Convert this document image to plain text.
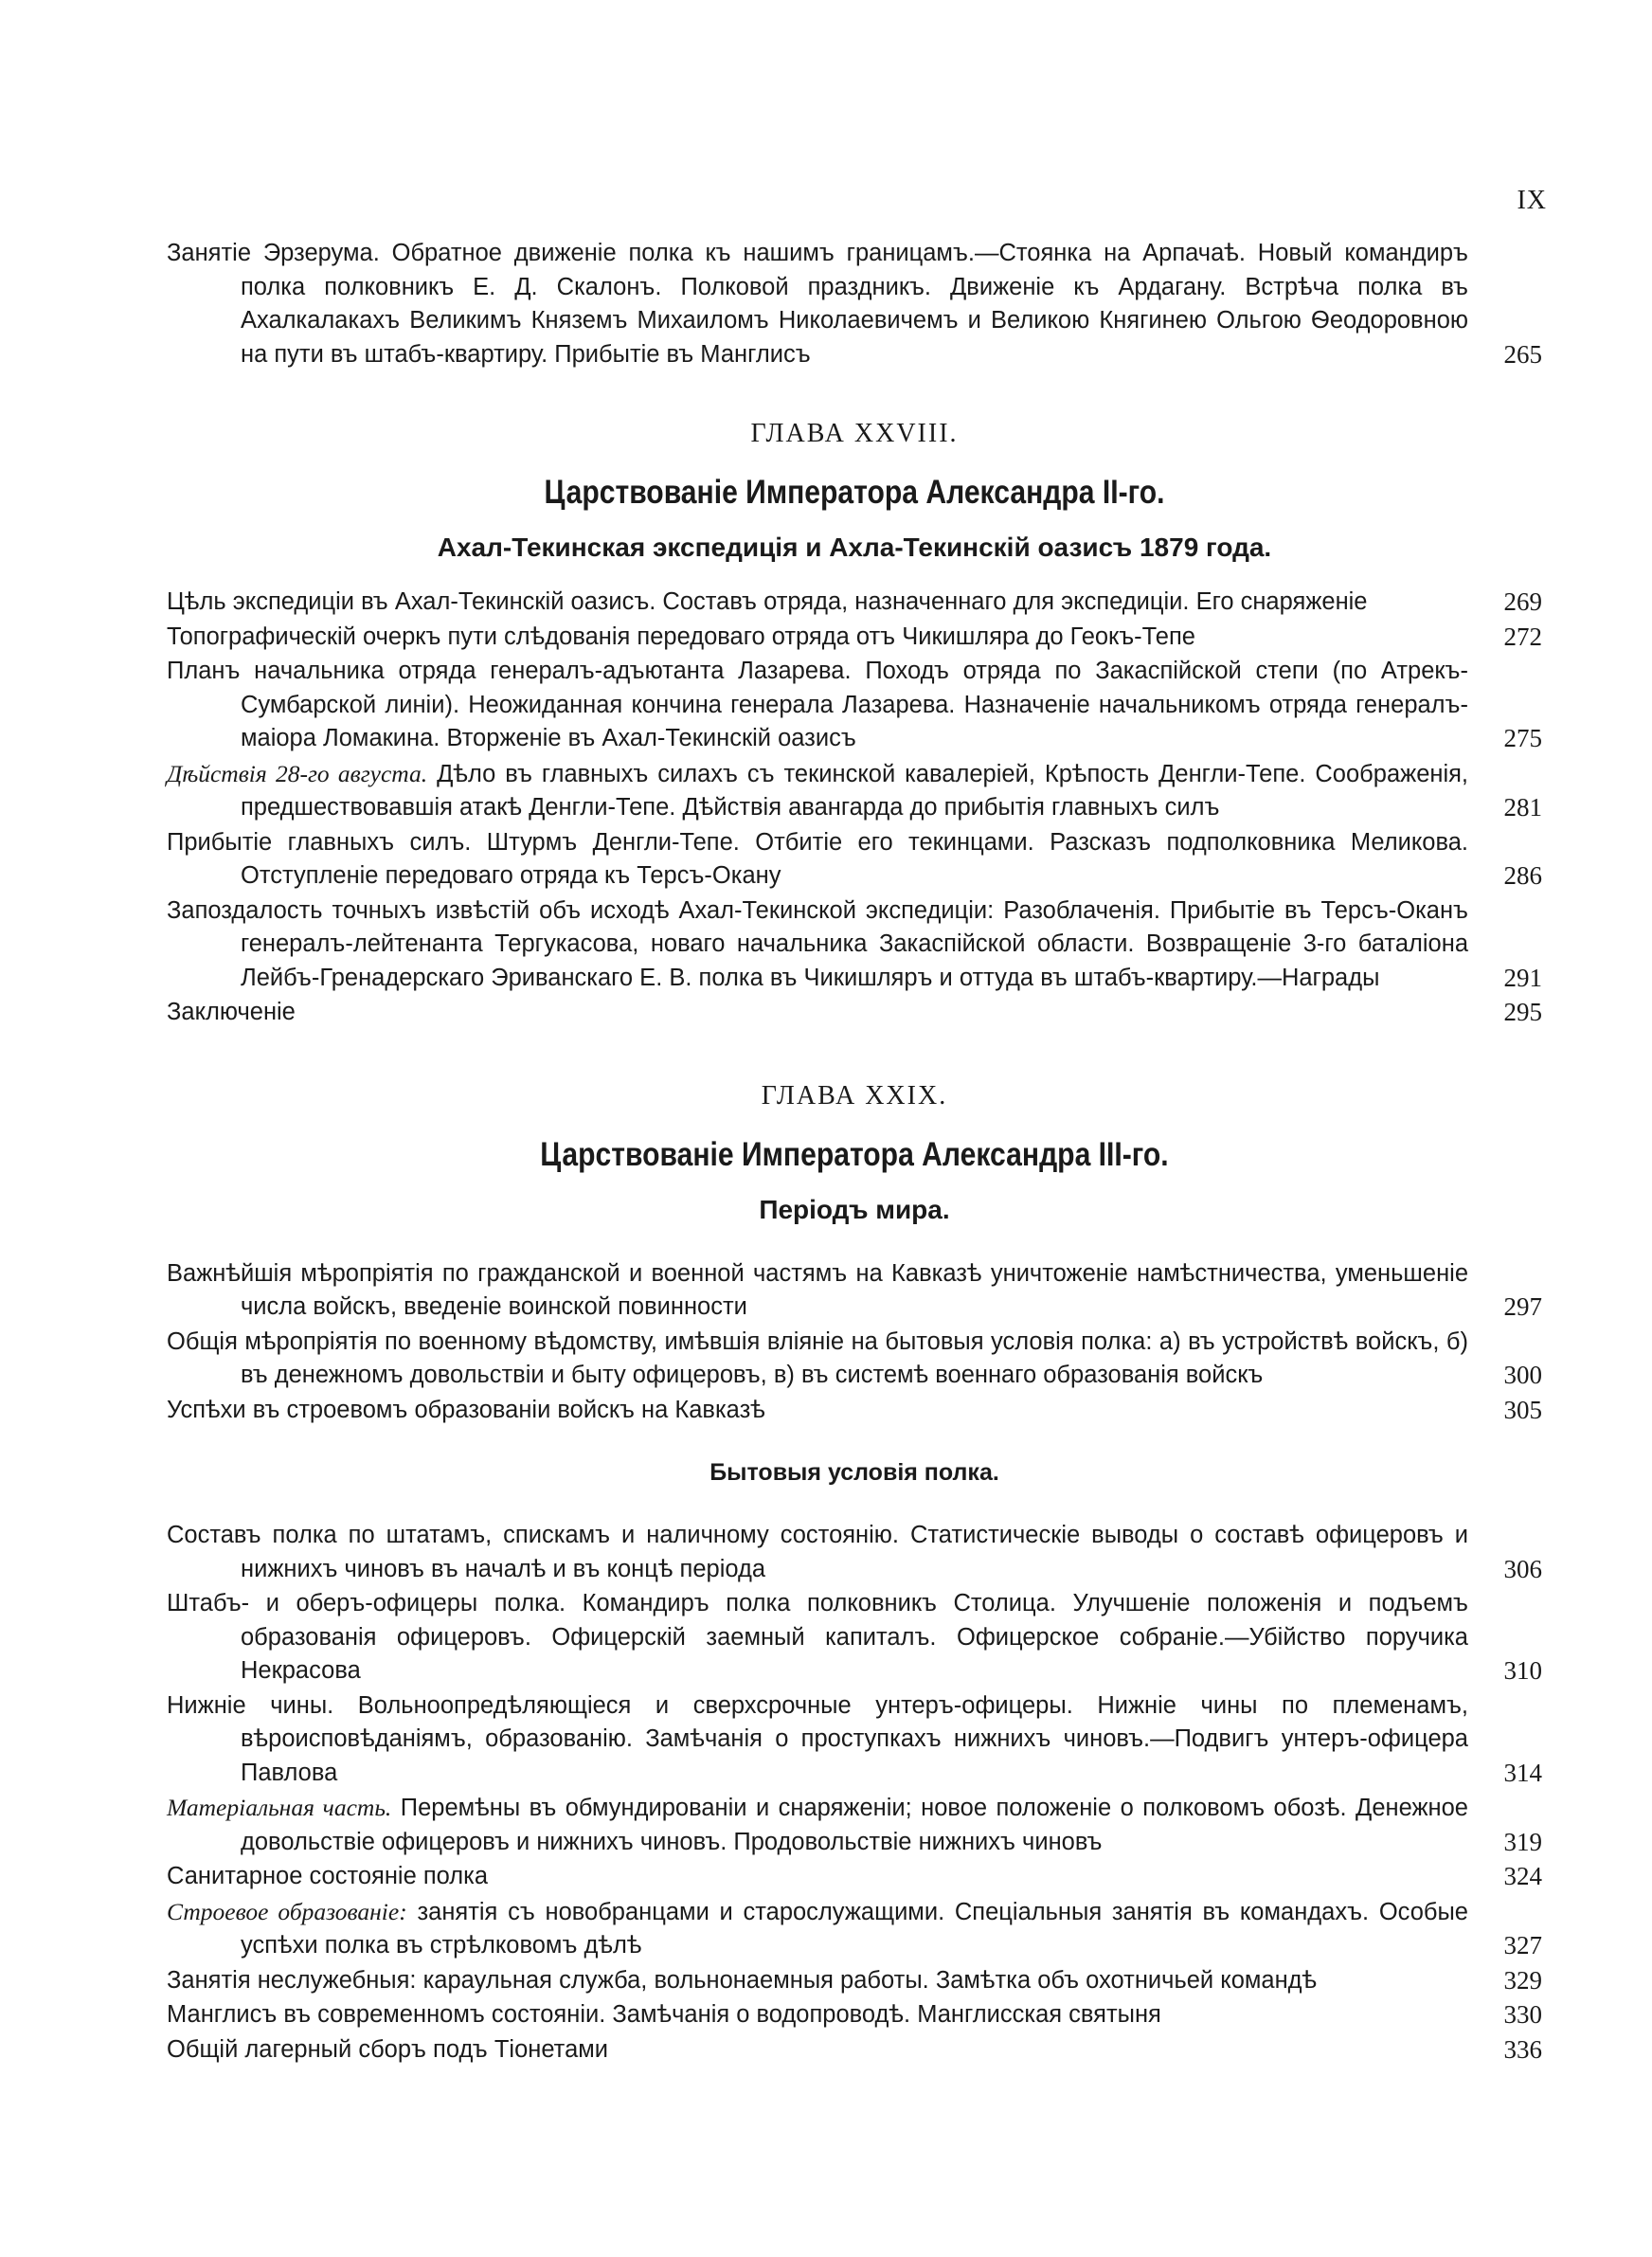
IX
Занятіе Эрзерума. Обратное движеніе полка къ нашимъ границамъ.—Стоянка на Арпачаѣ. Новый командиръ полка полковникъ Е. Д. Скалонъ. Полковой праздникъ. Движеніе къ Ардагану. Встрѣча полка въ Ахалкалакахъ Великимъ Княземъ Михаиломъ Николаевичемъ и Великою Княгинею Ольгою Ѳеодоровною на пути въ штабъ-квартиру. Прибытіе въ Манглисъ	265
ГЛАВА XXVIII.
Царствованіе Императора Александра II-го.
Ахал-Текинская экспедиція и Ахла-Текинскій оазисъ 1879 года.
Цѣль экспедиціи въ Ахал-Текинскій оазисъ. Составъ отряда, назначеннаго для экспедиціи. Его снаряженіе	269
Топографическій очеркъ пути слѣдованія передоваго отряда отъ Чикишляра до Геокъ-Тепе	272
Планъ начальника отряда генералъ-адъютанта Лазарева. Походъ отряда по Закаспійской степи (по Атрекъ-Сумбарской линіи). Неожиданная кончина генерала Лазарева. Назначеніе начальникомъ отряда генералъ-маіора Ломакина. Вторженіе въ Ахал-Текинскій оазисъ	275
Дѣйствія 28-го августа. Дѣло въ главныхъ силахъ съ текинской кавалеріей, Крѣпость Денгли-Тепе. Соображенія, предшествовавшія атакѣ Денгли-Тепе. Дѣйствія авангарда до прибытія главныхъ силъ	281
Прибытіе главныхъ силъ. Штурмъ Денгли-Тепе. Отбитіе его текинцами. Разсказъ подполковника Меликова. Отступленіе передоваго отряда къ Терсъ-Окану	286
Запоздалость точныхъ извѣстій объ исходѣ Ахал-Текинской экспедиціи: Разоблаченія. Прибытіе въ Терсъ-Оканъ генералъ-лейтенанта Тергукасова, новаго начальника Закаспійской области. Возвращеніе 3-го баталіона Лейбъ-Гренадерскаго Эриванскаго Е. В. полка въ Чикишляръ и оттуда въ штабъ-квартиру.—Награды	291
Заключеніе	295
ГЛАВА XXIX.
Царствованіе Императора Александра III-го.
Періодъ мира.
Важнѣйшія мѣропріятія по гражданской и военной частямъ на Кавказѣ уничтоженіе намѣстничества, уменьшеніе числа войскъ, введеніе воинской повинности	297
Общія мѣропріятія по военному вѣдомству, имѣвшія вліяніе на бытовыя условія полка: а) въ устройствѣ войскъ, б) въ денежномъ довольствіи и быту офицеровъ, в) въ системѣ военнаго образованія войскъ	300
Успѣхи въ строевомъ образованіи войскъ на Кавказѣ	305
Бытовыя условія полка.
Составъ полка по штатамъ, спискамъ и наличному состоянію. Статистическіе выводы о составѣ офицеровъ и нижнихъ чиновъ въ началѣ и въ концѣ періода	306
Штабъ- и оберъ-офицеры полка. Командиръ полка полковникъ Столица. Улучшеніе положенія и подъемъ образованія офицеровъ. Офицерскій заемный капиталъ. Офицерское собраніе.—Убійство поручика Некрасова	310
Нижніе чины. Вольноопредѣляющіеся и сверхсрочные унтеръ-офицеры. Нижніе чины по племенамъ, вѣроисповѣданіямъ, образованію. Замѣчанія о проступкахъ нижнихъ чиновъ.—Подвигъ унтеръ-офицера Павлова	314
Матеріальная часть. Перемѣны въ обмундированіи и снаряженіи; новое положеніе о полковомъ обозѣ. Денежное довольствіе офицеровъ и нижнихъ чиновъ. Продовольствіе нижнихъ чиновъ	319
Санитарное состояніе полка	324
Строевое образованіе: занятія съ новобранцами и старослужащими. Спеціальныя занятія въ командахъ. Особые успѣхи полка въ стрѣлковомъ дѣлѣ	327
Занятія неслужебныя: караульная служба, вольнонаемныя работы. Замѣтка объ охотничьей командѣ	329
Манглисъ въ современномъ состояніи. Замѣчанія о водопроводѣ. Манглисская святыня	330
Общій лагерный сборъ подъ Тіонетами	336
